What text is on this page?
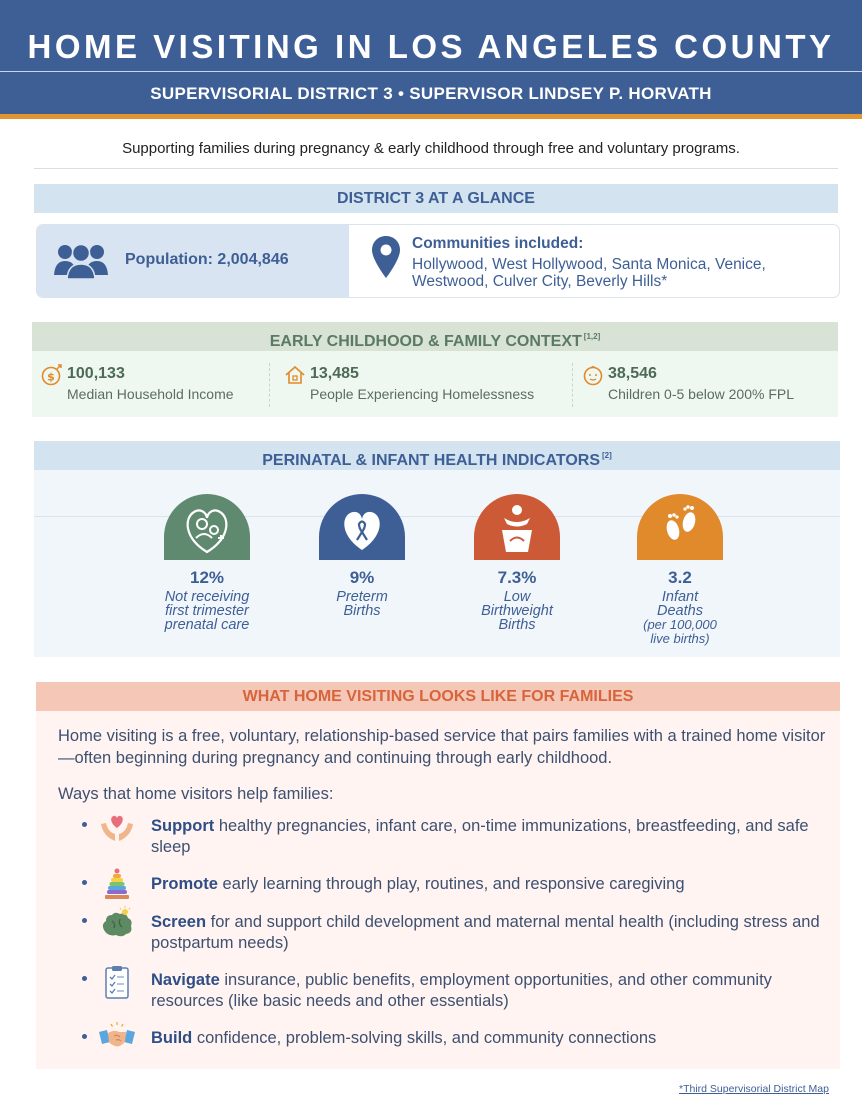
HOME VISITING IN LOS ANGELES COUNTY
SUPERVISORIAL DISTRICT 3 • SUPERVISOR LINDSEY P. HORVATH
Supporting families during pregnancy & early childhood through free and voluntary programs.
DISTRICT 3 AT A GLANCE
Population: 2,004,846
Communities included:
Hollywood, West Hollywood, Santa Monica, Venice, Westwood, Culver City, Beverly Hills*
EARLY CHILDHOOD & FAMILY CONTEXT [1,2]
$ 100,133
Median Household Income
13,485
People Experiencing Homelessness
38,546
Children 0-5 below 200% FPL
PERINATAL & INFANT HEALTH INDICATORS [2]
12%
Not receiving
first trimester
prenatal care
9%
Preterm
Births
7.3%
Low
Birthweight
Births
3.2
Infant
Deaths
(per 100,000
live births)
WHAT HOME VISITING LOOKS LIKE FOR FAMILIES
Home visiting is a free, voluntary, relationship-based service that pairs families with a trained home visitor—often beginning during pregnancy and continuing through early childhood.
Ways that home visitors help families:
Support healthy pregnancies, infant care, on-time immunizations, breastfeeding, and safe sleep
Promote early learning through play, routines, and responsive caregiving
Screen for and support child development and maternal mental health (including stress and postpartum needs)
Navigate insurance, public benefits, employment opportunities, and other community resources (like basic needs and other essentials)
Build confidence, problem-solving skills, and community connections
*Third Supervisorial District Map
